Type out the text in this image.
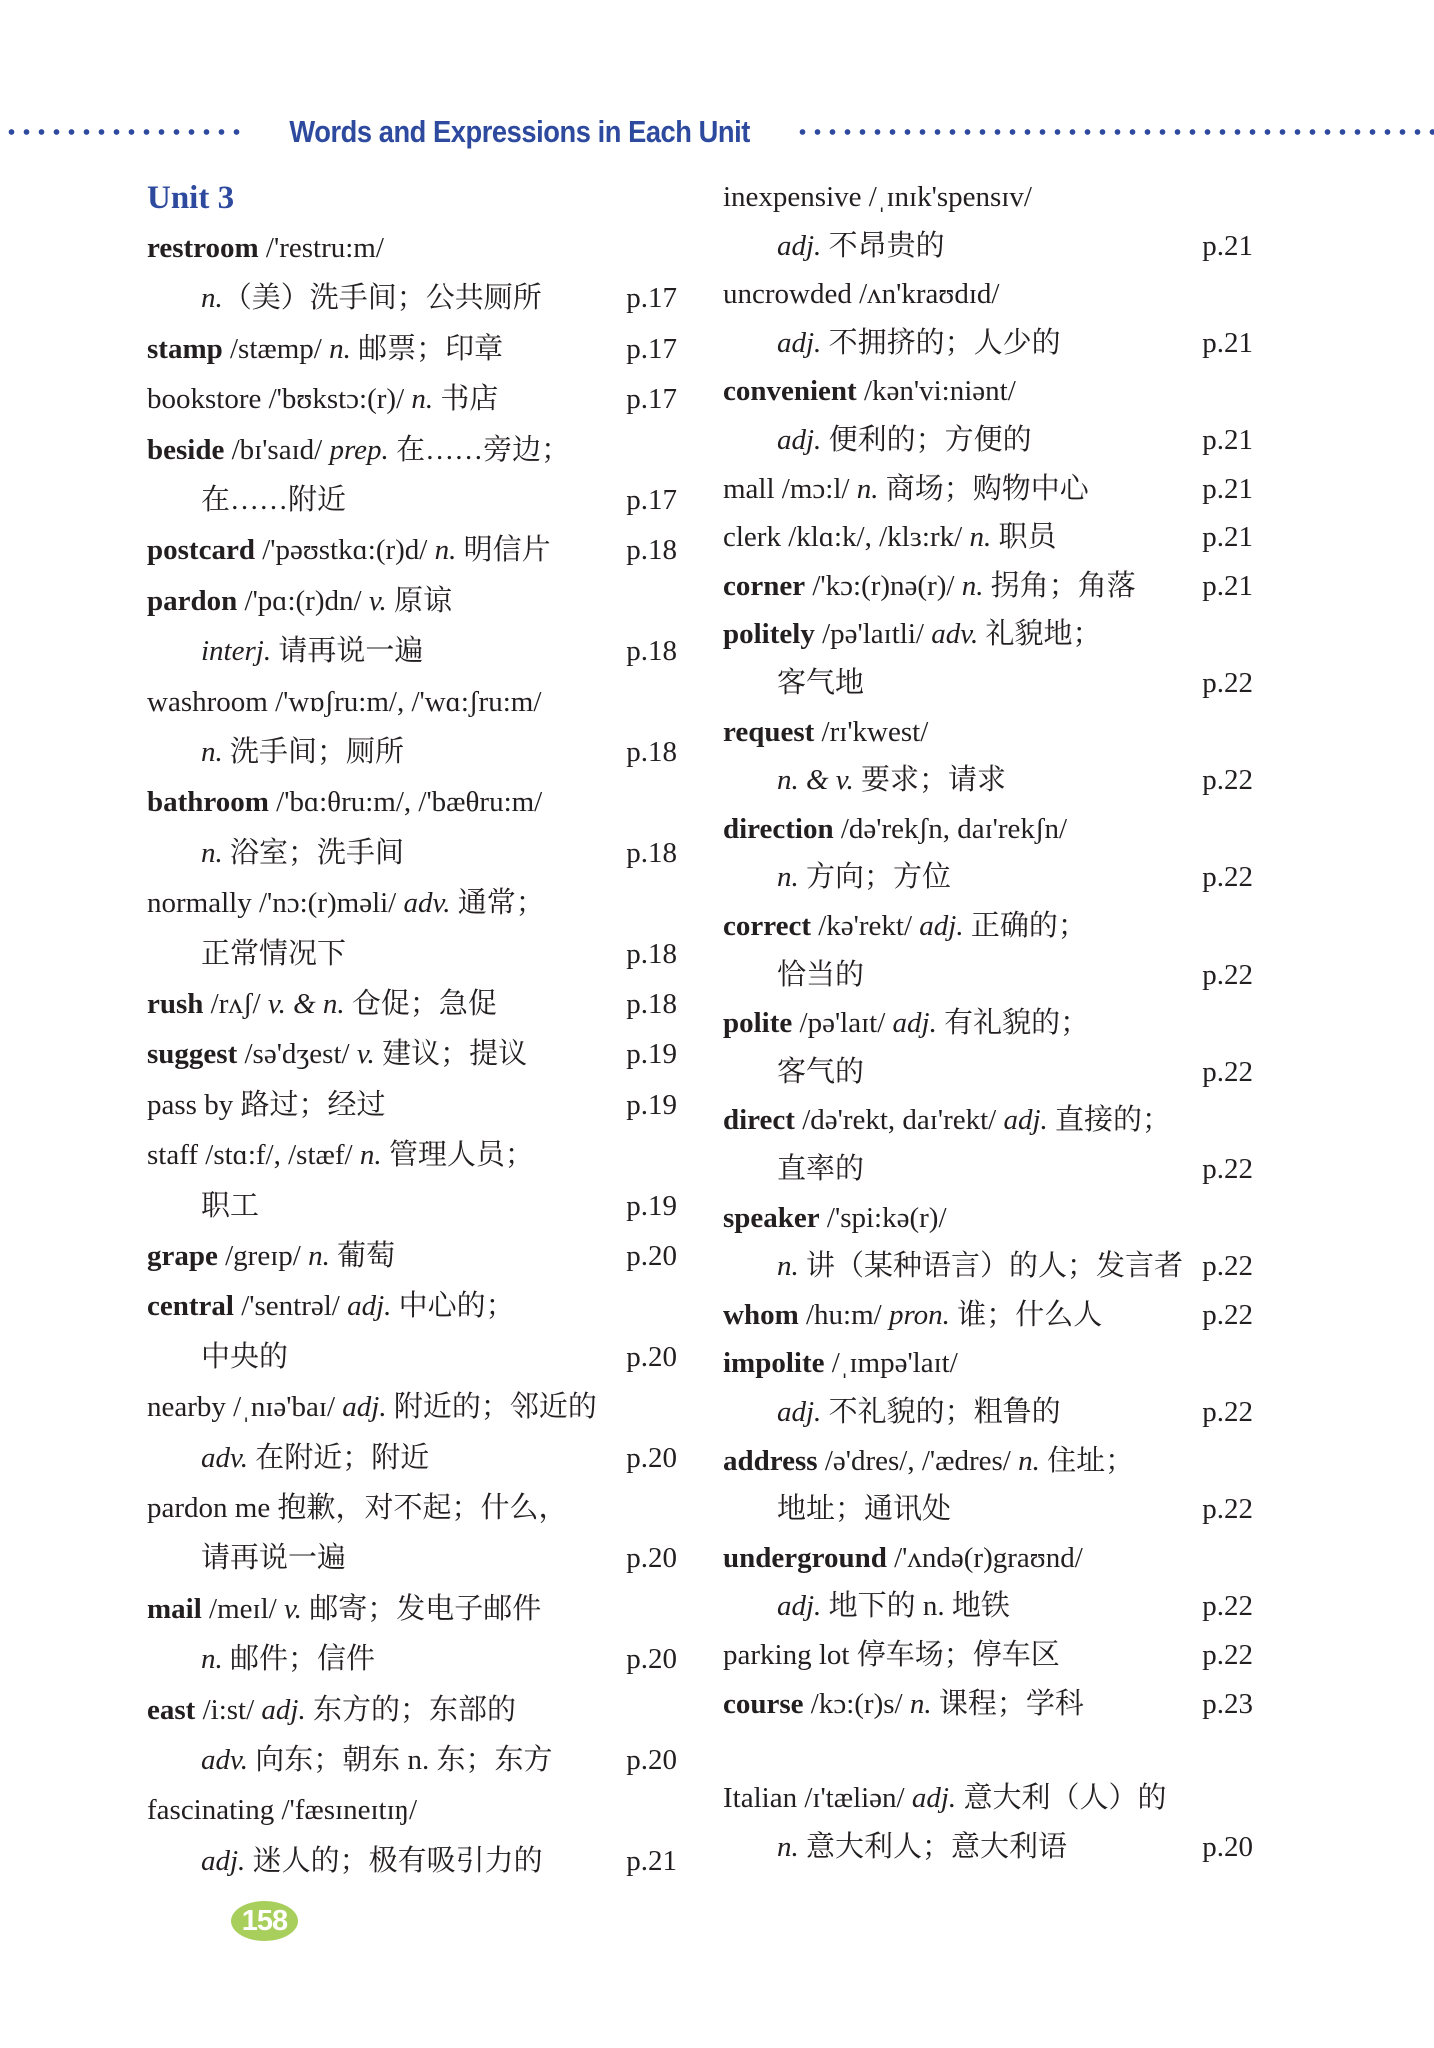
Words and Expressions in Each Unit
Unit 3
restroom /'restru:m/
n.（美）洗手间；公共厕所	p.17
stamp /stæmp/ n. 邮票；印章	p.17
bookstore /'bʊkstɔ:(r)/ n. 书店	p.17
beside /bɪ'saɪd/ prep. 在……旁边；
在……附近	p.17
postcard /'pəʊstkɑ:(r)d/ n. 明信片	p.18
pardon /'pɑ:(r)dn/ v. 原谅
interj. 请再说一遍	p.18
washroom /'wɒʃru:m/, /'wɑ:ʃru:m/
n. 洗手间；厕所	p.18
bathroom /'bɑ:θru:m/, /'bæθru:m/
n. 浴室；洗手间	p.18
normally /'nɔ:(r)məli/ adv. 通常；
正常情况下	p.18
rush /rʌʃ/ v. & n. 仓促；急促	p.18
suggest /sə'dʒest/ v. 建议；提议	p.19
pass by 路过；经过	p.19
staff /stɑ:f/, /stæf/ n. 管理人员；
职工	p.19
grape /greɪp/ n. 葡萄	p.20
central /'sentrəl/ adj. 中心的；
中央的	p.20
nearby /ˌnɪə'baɪ/ adj. 附近的；邻近的
adv. 在附近；附近	p.20
pardon me 抱歉，对不起；什么，
请再说一遍	p.20
mail /meɪl/ v. 邮寄；发电子邮件
n. 邮件；信件	p.20
east /i:st/ adj. 东方的；东部的
adv. 向东；朝东 n. 东；东方	p.20
fascinating /'fæsɪneɪtɪŋ/
adj. 迷人的；极有吸引力的	p.21
inexpensive /ˌɪnɪk'spensɪv/
adj. 不昂贵的	p.21
uncrowded /ʌn'kraʊdɪd/
adj. 不拥挤的；人少的	p.21
convenient /kən'vi:niənt/
adj. 便利的；方便的	p.21
mall /mɔ:l/ n. 商场；购物中心	p.21
clerk /klɑ:k/, /klɜ:rk/ n. 职员	p.21
corner /'kɔ:(r)nə(r)/ n. 拐角；角落 p.21
politely /pə'laɪtli/ adv. 礼貌地；
客气地	p.22
request /rɪ'kwest/
n. & v. 要求；请求	p.22
direction /də'rekʃn, daɪ'rekʃn/
n. 方向；方位	p.22
correct /kə'rekt/ adj. 正确的；
恰当的	p.22
polite /pə'laɪt/ adj. 有礼貌的；
客气的	p.22
direct /də'rekt, daɪ'rekt/ adj. 直接的；
直率的	p.22
speaker /'spi:kə(r)/
n. 讲（某种语言）的人；发言者 p.22
whom /hu:m/ pron. 谁；什么人	p.22
impolite /ˌɪmpə'laɪt/
adj. 不礼貌的；粗鲁的	p.22
address /ə'dres/, /'ædres/ n. 住址；
地址；通讯处	p.22
underground /'ʌndə(r)graʊnd/
adj. 地下的 n. 地铁	p.22
parking lot 停车场；停车区	p.22
course /kɔ:(r)s/ n. 课程；学科	p.23
Italian /ɪ'tæliən/ adj. 意大利（人）的
n. 意大利人；意大利语	p.20
158
